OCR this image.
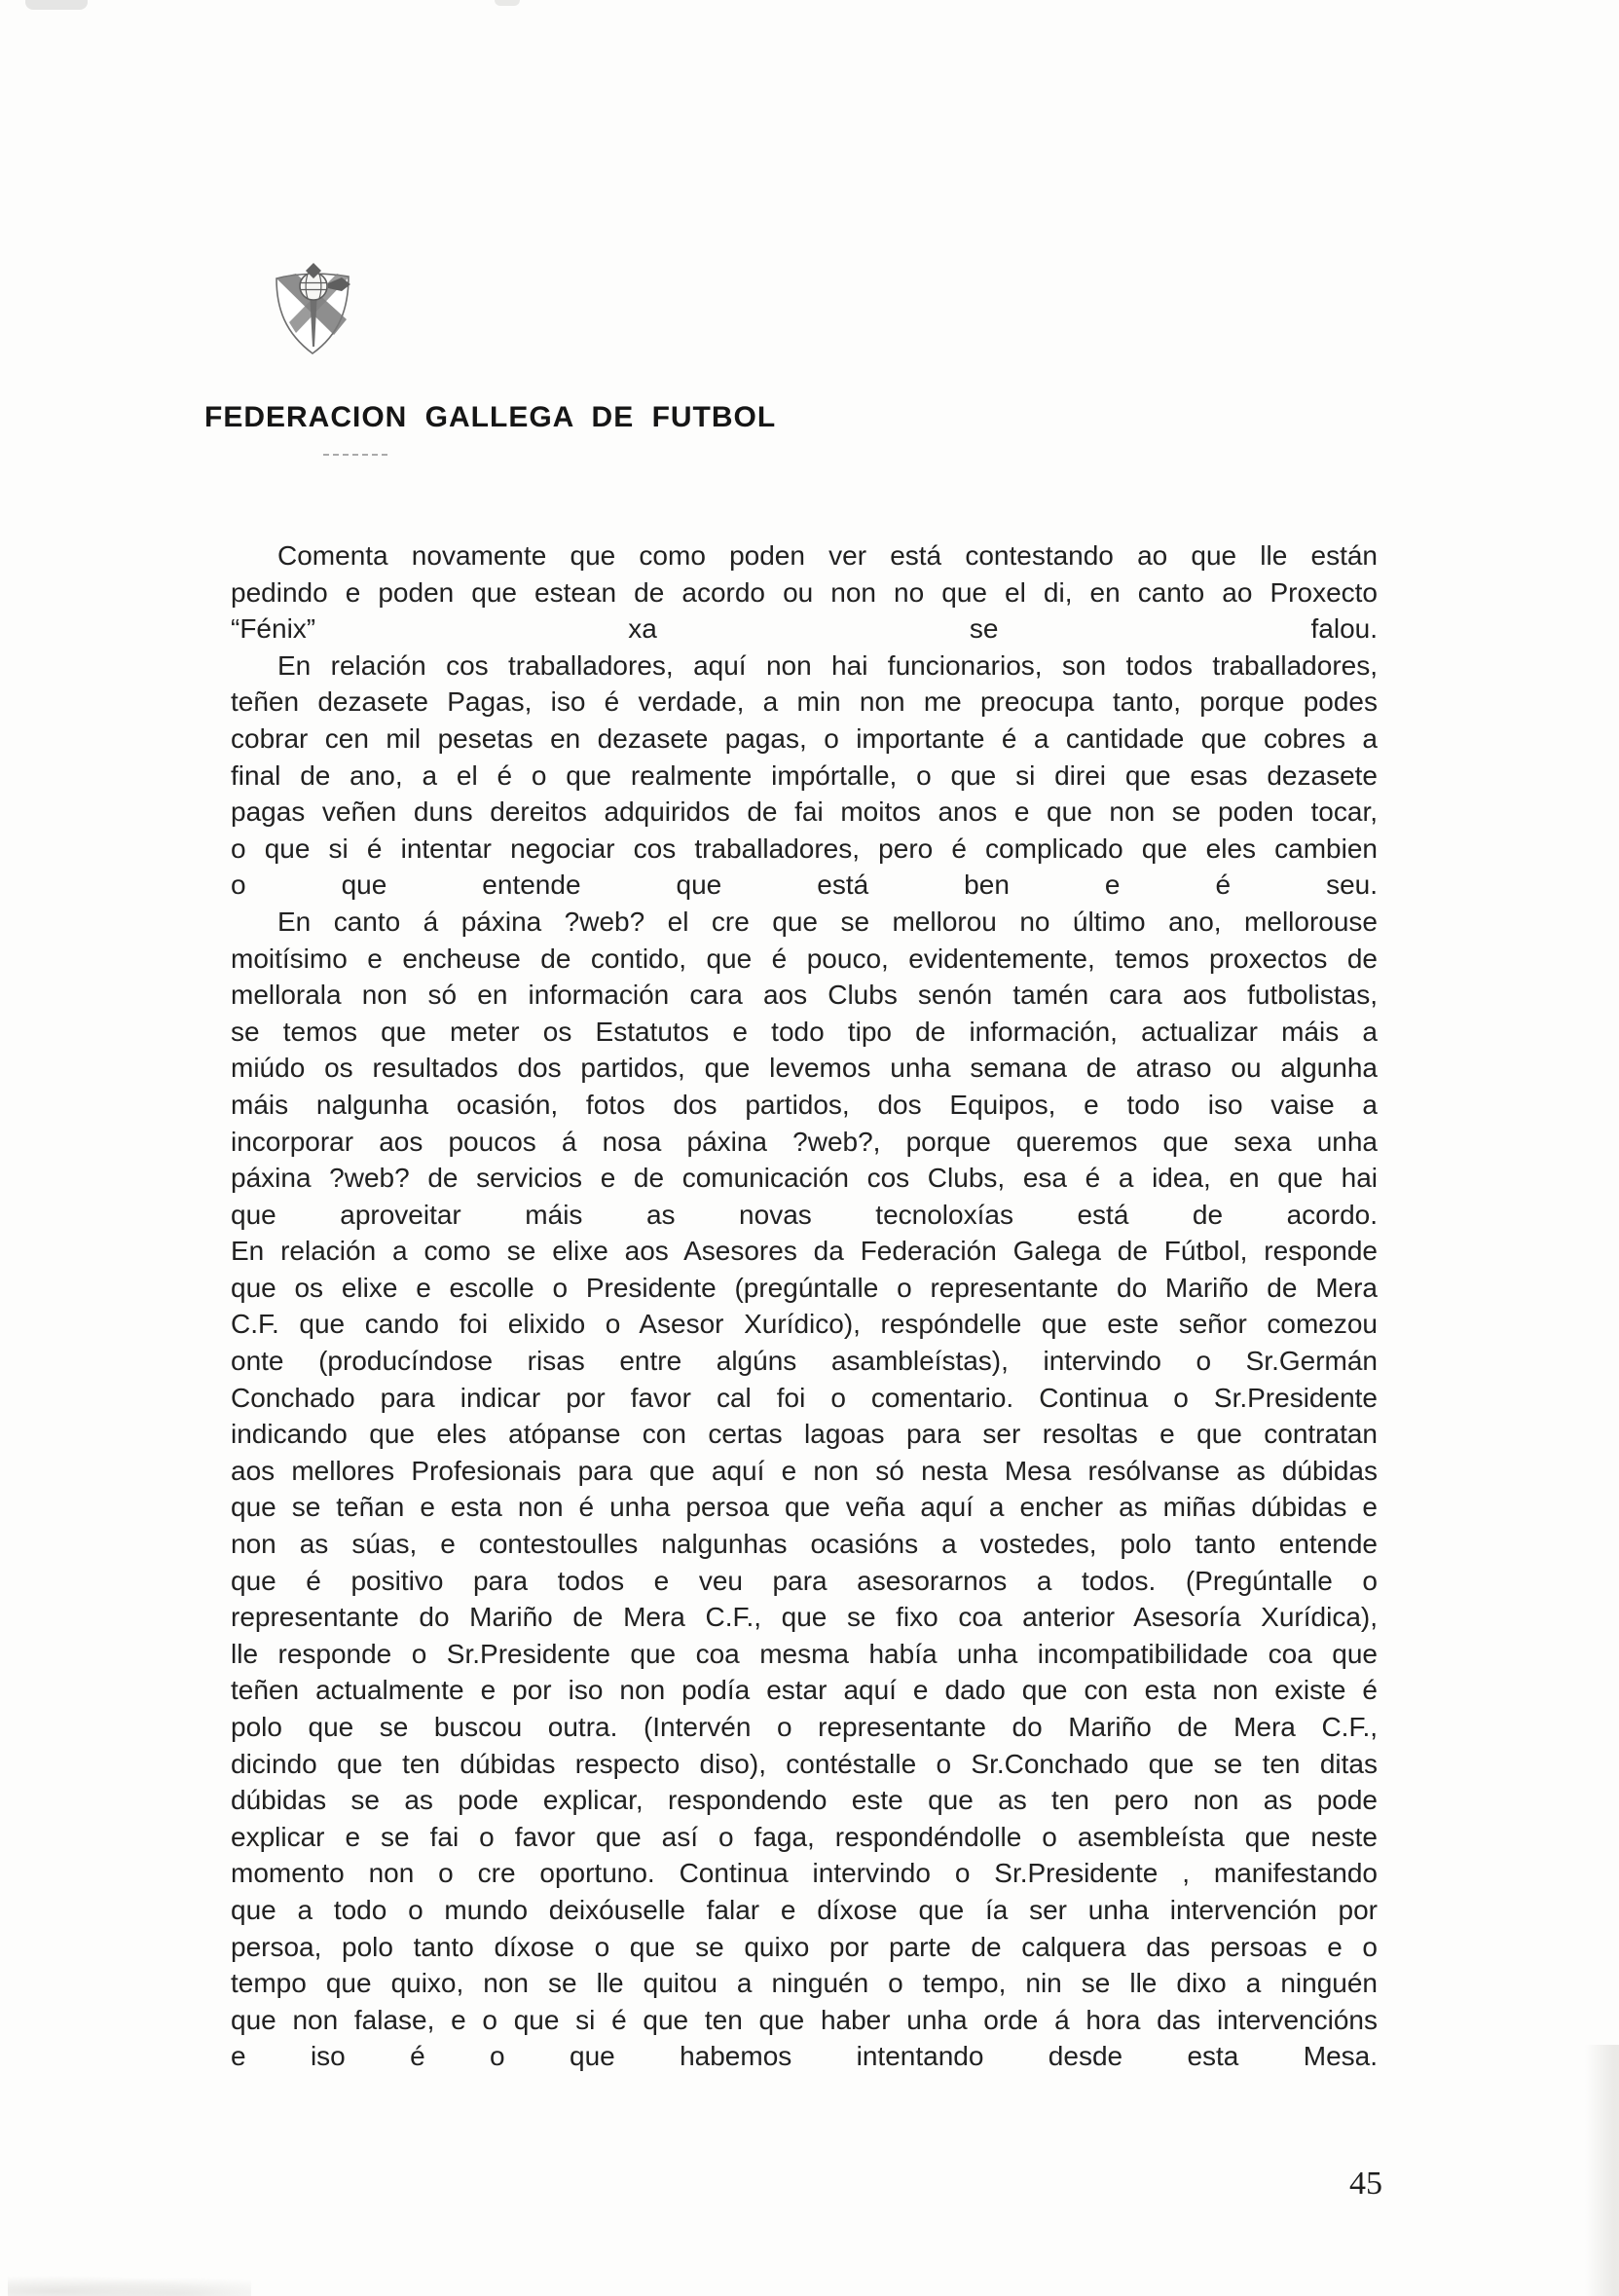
FEDERACION GALLEGA DE FUTBOL
Comenta novamente que como poden ver está contestando ao que lle están
pedindo e poden que estean de acordo ou non no que el di, en canto ao Proxecto
“Fénix” xa se falou.
En relación cos traballadores, aquí non hai funcionarios, son todos traballadores,
teñen dezasete Pagas, iso é verdade, a min non me preocupa tanto, porque podes
cobrar cen mil pesetas en dezasete pagas, o importante é a cantidade que cobres a
final de ano, a el é o que realmente impórtalle, o que si direi que esas dezasete
pagas veñen duns dereitos adquiridos de fai moitos anos e que non se poden tocar,
o que si é intentar negociar cos traballadores, pero é complicado que eles cambien
o que entende que está ben e é seu.
En canto á páxina ?web? el cre que se mellorou no último ano, mellorouse
moitísimo e encheuse de contido, que é pouco, evidentemente, temos proxectos de
mellorala non só en información cara aos Clubs senón tamén cara aos futbolistas,
se temos que meter os Estatutos e todo tipo de información, actualizar máis a
miúdo os resultados dos partidos, que levemos unha semana de atraso ou algunha
máis nalgunha ocasión, fotos dos partidos, dos Equipos, e todo iso vaise a
incorporar aos poucos á nosa páxina ?web?, porque queremos que sexa unha
páxina ?web? de servicios e de comunicación cos Clubs, esa é a idea, en que hai
que aproveitar máis as novas tecnoloxías está de acordo.
En relación a como se elixe aos Asesores da Federación Galega de Fútbol, responde
que os elixe e escolle o Presidente (pregúntalle o representante do Mariño de Mera
C.F. que cando foi elixido o Asesor Xurídico), respóndelle que este señor comezou
onte (producíndose risas entre algúns asambleístas), intervindo o Sr.Germán
Conchado para indicar por favor cal foi o comentario. Continua o Sr.Presidente
indicando que eles atópanse con certas lagoas para ser resoltas e que contratan
aos mellores Profesionais para que aquí e non só nesta Mesa resólvanse as dúbidas
que se teñan e esta non é unha persoa que veña aquí a encher as miñas dúbidas e
non as súas, e contestoulles nalgunhas ocasións a vostedes, polo tanto entende
que é positivo para todos e veu para asesorarnos a todos. (Pregúntalle o
representante do Mariño de Mera C.F., que se fixo coa anterior Asesoría Xurídica),
lle responde o Sr.Presidente que coa mesma había unha incompatibilidade coa que
teñen actualmente e por iso non podía estar aquí e dado que con esta non existe é
polo que se buscou outra. (Intervén o representante do Mariño de Mera C.F.,
dicindo que ten dúbidas respecto diso), contéstalle o Sr.Conchado que se ten ditas
dúbidas se as pode explicar, respondendo este que as ten pero non as pode
explicar e se fai o favor que así o faga, respondéndolle o asembleísta que neste
momento non o cre oportuno. Continua intervindo o Sr.Presidente , manifestando
que a todo o mundo deixóuselle falar e díxose que ía ser unha intervención por
persoa, polo tanto díxose o que se quixo por parte de calquera das persoas e o
tempo que quixo, non se lle quitou a ninguén o tempo, nin se lle dixo a ninguén
que non falase, e o que si é que ten que haber unha orde á hora das intervencións
e iso é o que habemos intentando desde esta Mesa.
45
